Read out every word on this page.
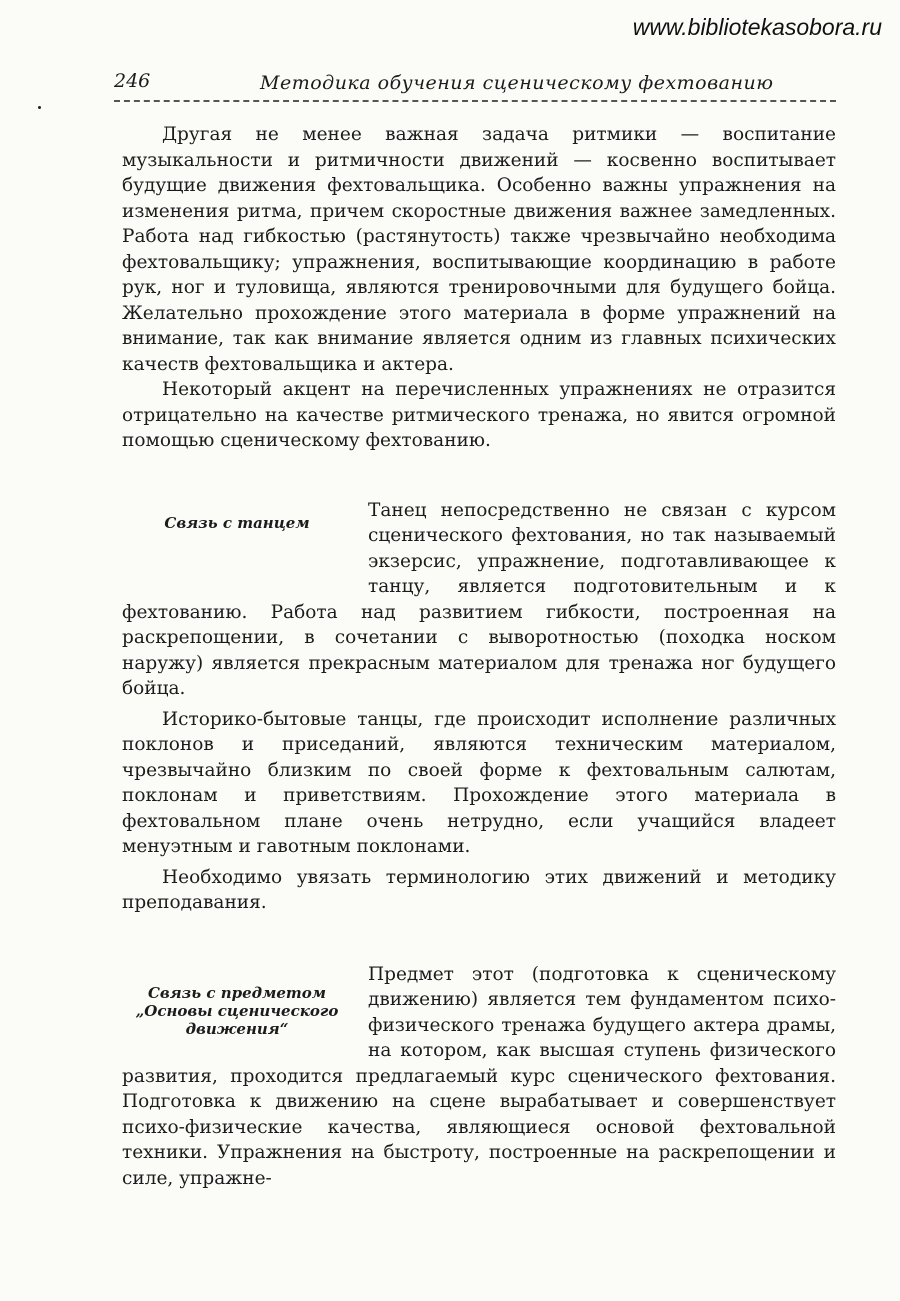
www.bibliotekasobora.ru
246	Методика обучения сценическому фехтованию

Другая не менее важная задача ритмики — воспитание музыкальности и ритмичности движений — косвенно воспитывает будущие движения фехтовальщика. Особенно важны упражнения на изменения ритма, причем скоростные движения важнее замедленных. Работа над гибкостью (растянутость) также чрезвычайно необходима фехтовальщику; упражнения, воспитывающие координацию в работе рук, ног и туловища, являются тренировочными для будущего бойца. Желательно прохождение этого материала в форме упражнений на внимание, так как внимание является одним из главных психических качеств фехтовальщика и актера.

Некоторый акцент на перечисленных упражнениях не отразится отрицательно на качестве ритмического тренажа, но явится огромной помощью сценическому фехтованию.

Связь с танцем

Танец непосредственно не связан с курсом сценического фехтования, но так называемый экзерсис, упражнение, подготавливающее к танцу, является подготовительным и к фехтованию. Работа над развитием гибкости, построенная на раскрепощении, в сочетании с выворотностью (походка носком наружу) является прекрасным материалом для тренажа ног будущего бойца.

Историко-бытовые танцы, где происходит исполнение различных поклонов и приседаний, являются техническим материалом, чрезвычайно близким по своей форме к фехтовальным салютам, поклонам и приветствиям. Прохождение этого материала в фехтовальном плане очень нетрудно, если учащийся владеет менуэтным и гавотным поклонами.

Необходимо увязать терминологию этих движений и методику преподавания.

Связь с предметом „Основы сценического движения“

Предмет этот (подготовка к сценическому движению) является тем фундаментом психо-физического тренажа будущего актера драмы, на котором, как высшая ступень физического развития, проходится предлагаемый курс сценического фехтования. Подготовка к движению на сцене вырабатывает и совершенствует психо-физические качества, являющиеся основой фехтовальной техники. Упражнения на быстроту, построенные на раскрепощении и силе, упражне-
